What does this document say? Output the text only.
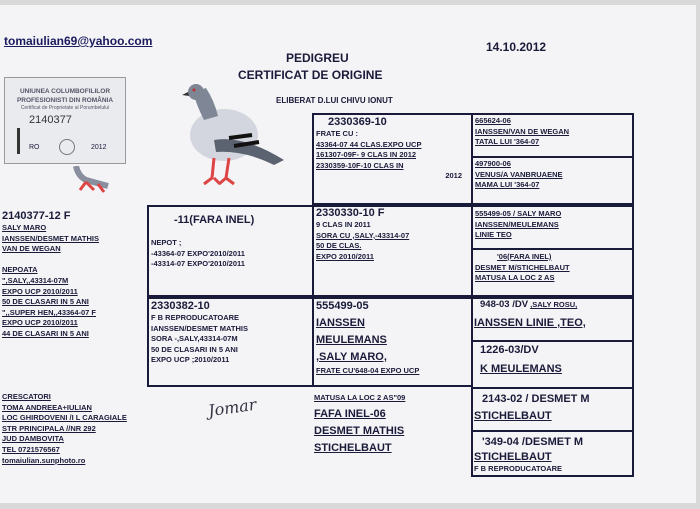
tomaiulian69@yahoo.com	14.10.2012
PEDIGREU
CERTIFICAT DE ORIGINE
ELIBERAT D.LUI CHIVU IONUT
UNIUNEA COLUMBOFILILOR
PROFESIONISTI DIN ROMÂNIA
Certificat de Proprietate al Porumbelului
2140377
RO	2012
2140377-12 F
SALY MARO
IANSSEN/DESMET MATHIS
VAN DE WEGAN

NEPOATA
",SALY,,43314-07M
EXPO UCP 2010/2011
50 DE CLASARI IN 5 ANI
",,SUPER HEN,,43364-07 F
EXPO UCP 2010/2011
44 DE CLASARI IN 5 ANI
CRESCATORI
TOMA ANDREEA+IULIAN
LOC GHIRDOVENI /I L CARAGIALE
STR PRINCIPALA //NR 292
JUD DAMBOVITA
TEL 0721576567
tomaiulian.sunphoto.ro
Jomar
-11(FARA INEL)
NEPOT ;
-43364-07 EXPO'2010/2011
-43314-07 EXPO'2010/2011
2330382-10
F B REPRODUCATOARE
IANSSEN/DESMET MATHIS
SORA -,SALY,43314-07M
50 DE CLASARI IN 5 ANI
EXPO UCP ;2010/2011
2330369-10
FRATE CU :
43364-07 44 CLAS.EXPO UCP
161307-09F- 9 CLAS IN 2012
2330359-10F-10 CLAS IN
2012
2330330-10 F
9 CLAS IN 2011
SORA CU ,SALY,-43314-07
50 DE CLAS.
EXPO 2010/2011
555499-05
IANSSEN
MEULEMANS
,SALY MARO,
FRATE CU'648-04 EXPO UCP
MATUSA LA LOC 2 AS"09
FAFA INEL-06
DESMET MATHIS
STICHELBAUT
665624-06
IANSSEN/VAN DE WEGAN
TATAL LUI '364-07
497900-06
VENUS/A VANBRUAENE
MAMA LUI '364-07
555499-05 / SALY MARO
IANSSEN/MEULEMANS
LINIE TEO
'06(FARA INEL)
DESMET M/STICHELBAUT
MATUSA LA LOC 2 AS
948-03 /DV ,SALY ROSU,
IANSSEN LINIE ,TEO,
1226-03/DV
K MEULEMANS
2143-02 / DESMET M
STICHELBAUT
'349-04 /DESMET M
STICHELBAUT
F B REPRODUCATOARE
